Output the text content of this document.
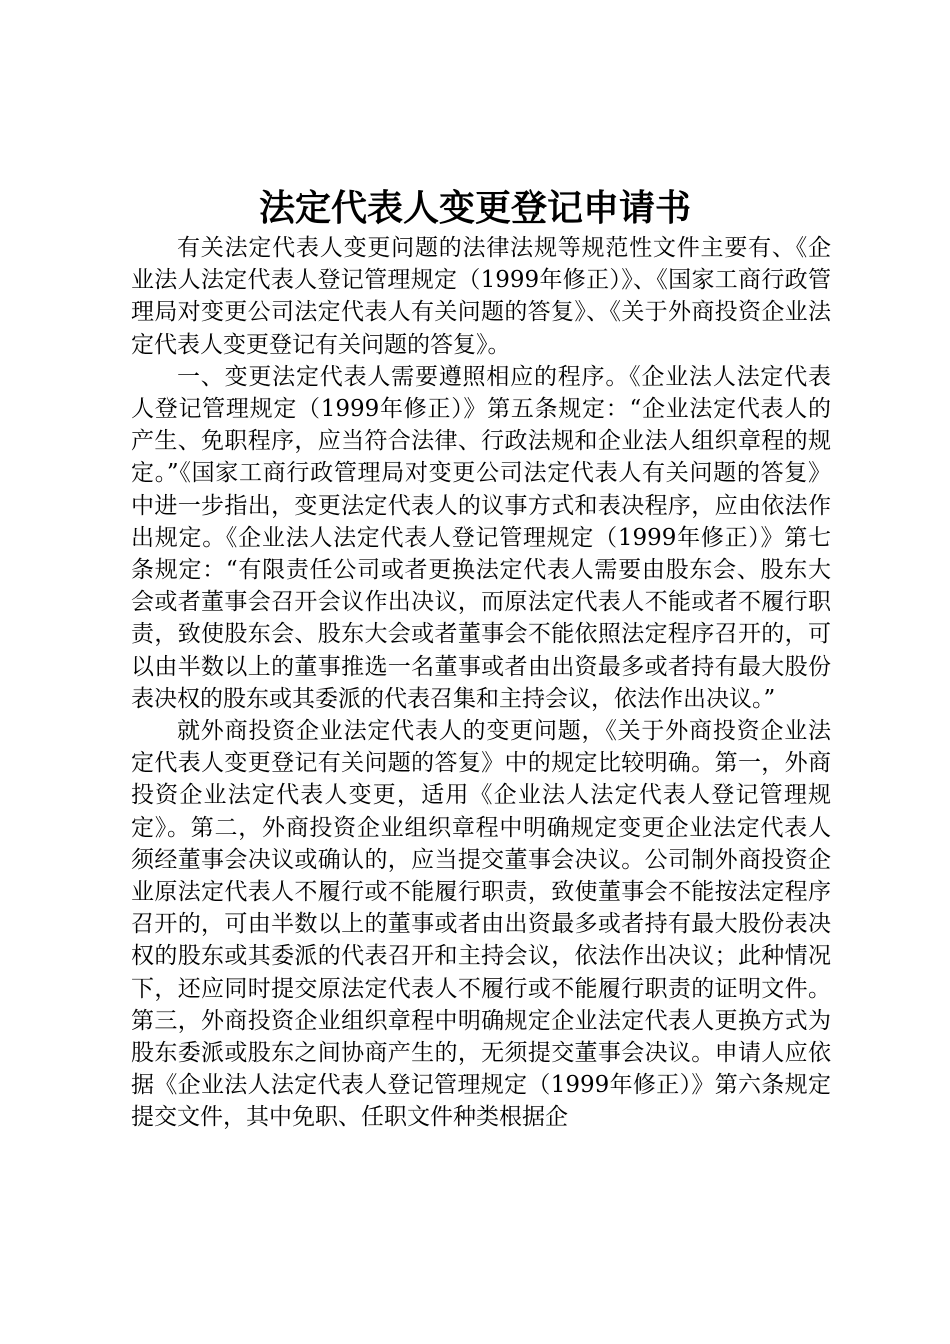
法定代表人变更登记申请书

有关法定代表人变更问题的法律法规等规范性文件主要有、《企业法人法定代表人登记管理规定（1999年修正）》、《国家工商行政管理局对变更公司法定代表人有关问题的答复》、《关于外商投资企业法定代表人变更登记有关问题的答复》。

一、变更法定代表人需要遵照相应的程序。《企业法人法定代表人登记管理规定（1999年修正）》第五条规定：“企业法定代表人的产生、免职程序，应当符合法律、行政法规和企业法人组织章程的规定。”《国家工商行政管理局对变更公司法定代表人有关问题的答复》中进一步指出，变更法定代表人的议事方式和表决程序，应由依法作出规定。《企业法人法定代表人登记管理规定（1999年修正）》第七条规定：“有限责任公司或者更换法定代表人需要由股东会、股东大会或者董事会召开会议作出决议，而原法定代表人不能或者不履行职责，致使股东会、股东大会或者董事会不能依照法定程序召开的，可以由半数以上的董事推选一名董事或者由出资最多或者持有最大股份表决权的股东或其委派的代表召集和主持会议，依法作出决议。”

就外商投资企业法定代表人的变更问题，《关于外商投资企业法定代表人变更登记有关问题的答复》中的规定比较明确。第一，外商投资企业法定代表人变更，适用《企业法人法定代表人登记管理规定》。第二，外商投资企业组织章程中明确规定变更企业法定代表人须经董事会决议或确认的，应当提交董事会决议。公司制外商投资企业原法定代表人不履行或不能履行职责，致使董事会不能按法定程序召开的，可由半数以上的董事或者由出资最多或者持有最大股份表决权的股东或其委派的代表召开和主持会议，依法作出决议；此种情况下，还应同时提交原法定代表人不履行或不能履行职责的证明文件。第三，外商投资企业组织章程中明确规定企业法定代表人更换方式为股东委派或股东之间协商产生的，无须提交董事会决议。申请人应依据《企业法人法定代表人登记管理规定（1999年修正）》第六条规定提交文件，其中免职、任职文件种类根据企
